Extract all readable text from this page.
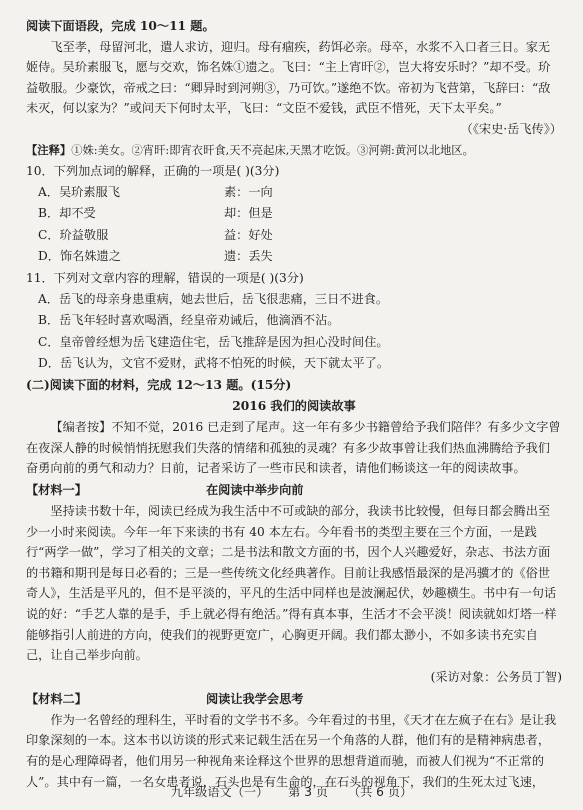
阅读下面语段，完成 10～11 题。

飞至孝，母留河北，遣人求访，迎归。母有痼疾，药饵必亲。母卒，水浆不入口者三日。家无姬侍。吴玠素服飞，愿与交欢，饰名姝①遗之。飞曰：“主上宵旰②，岂大将安乐时？”却不受。玠益敬服。少豪饮，帝戒之曰：“卿异时到河朔③，乃可饮。”遂绝不饮。帝初为飞营第，飞辞曰：“敌未灭，何以家为？”或问天下何时太平，飞曰：“文臣不爱钱，武臣不惜死，天下太平矣。”

（《宋史·岳飞传》）

【注释】①姝:美女。②宵旰:即宵衣旰食,天不亮起床,天黑才吃饭。③河朔:黄河以北地区。

10．下列加点词的解释，正确的一项是( )(3分)

A．吴玠素服飞	素：一向
B．却不受	却：但是
C．玠益敬服	益：好处
D．饰名姝遗之	遗：丢失

11．下列对文章内容的理解，错误的一项是( )(3分)

A．岳飞的母亲身患重病，她去世后，岳飞很悲痛，三日不进食。

B．岳飞年轻时喜欢喝酒，经皇帝劝诫后，他滴酒不沾。

C．皇帝曾经想为岳飞建造住宅，岳飞推辞是因为担心没时间住。

D．岳飞认为，文官不爱财，武将不怕死的时候，天下就太平了。

(二)阅读下面的材料，完成 12～13 题。(15分)

2016 我们的阅读故事

【编者按】不知不觉，2016 已走到了尾声。这一年有多少书籍曾给予我们陪伴？有多少文字曾在夜深人静的时候悄悄抚慰我们失落的情绪和孤独的灵魂？有多少故事曾让我们热血沸腾给予我们奋勇向前的勇气和动力？日前，记者采访了一些市民和读者，请他们畅谈这一年的阅读故事。

【材料一】	在阅读中举步向前

坚持读书数十年，阅读已经成为我生活中不可或缺的部分，我读书比较慢，但每日都会腾出至少一小时来阅读。今年一年下来读的书有 40 本左右。今年看书的类型主要在三个方面，一是践行“两学一做”，学习了相关的文章；二是书法和散文方面的书，因个人兴趣爱好，杂志、书法方面的书籍和期刊是每日必看的；三是一些传统文化经典著作。目前让我感悟最深的是冯骥才的《俗世奇人》，生活是平凡的，但不是平淡的，平凡的生活中同样也是波澜起伏，妙趣横生。书中有一句话说的好：“手艺人靠的是手，手上就必得有绝活。”得有真本事，生活才不会平淡！阅读就如灯塔一样能够指引人前进的方向，使我们的视野更宽广，心胸更开阔。我们都太渺小，不如多读书充实自己，让自己举步向前。

(采访对象：公务员丁智)

【材料二】	阅读让我学会思考

作为一名曾经的理科生，平时看的文学书不多。今年看过的书里，《天才在左疯子在右》是让我印象深刻的一本。这本书以访谈的形式来记载生活在另一个角落的人群，他们有的是精神病患者，有的是心理障碍者，他们用另一种视角来诠释这个世界的思想背道而驰，而被人们视为“不正常的人”。其中有一篇，一名女患者说，石头也是有生命的，在石头的视角下，我们的生死太过飞速，

九年级语文（一） 第 3 页 （共 6 页）
